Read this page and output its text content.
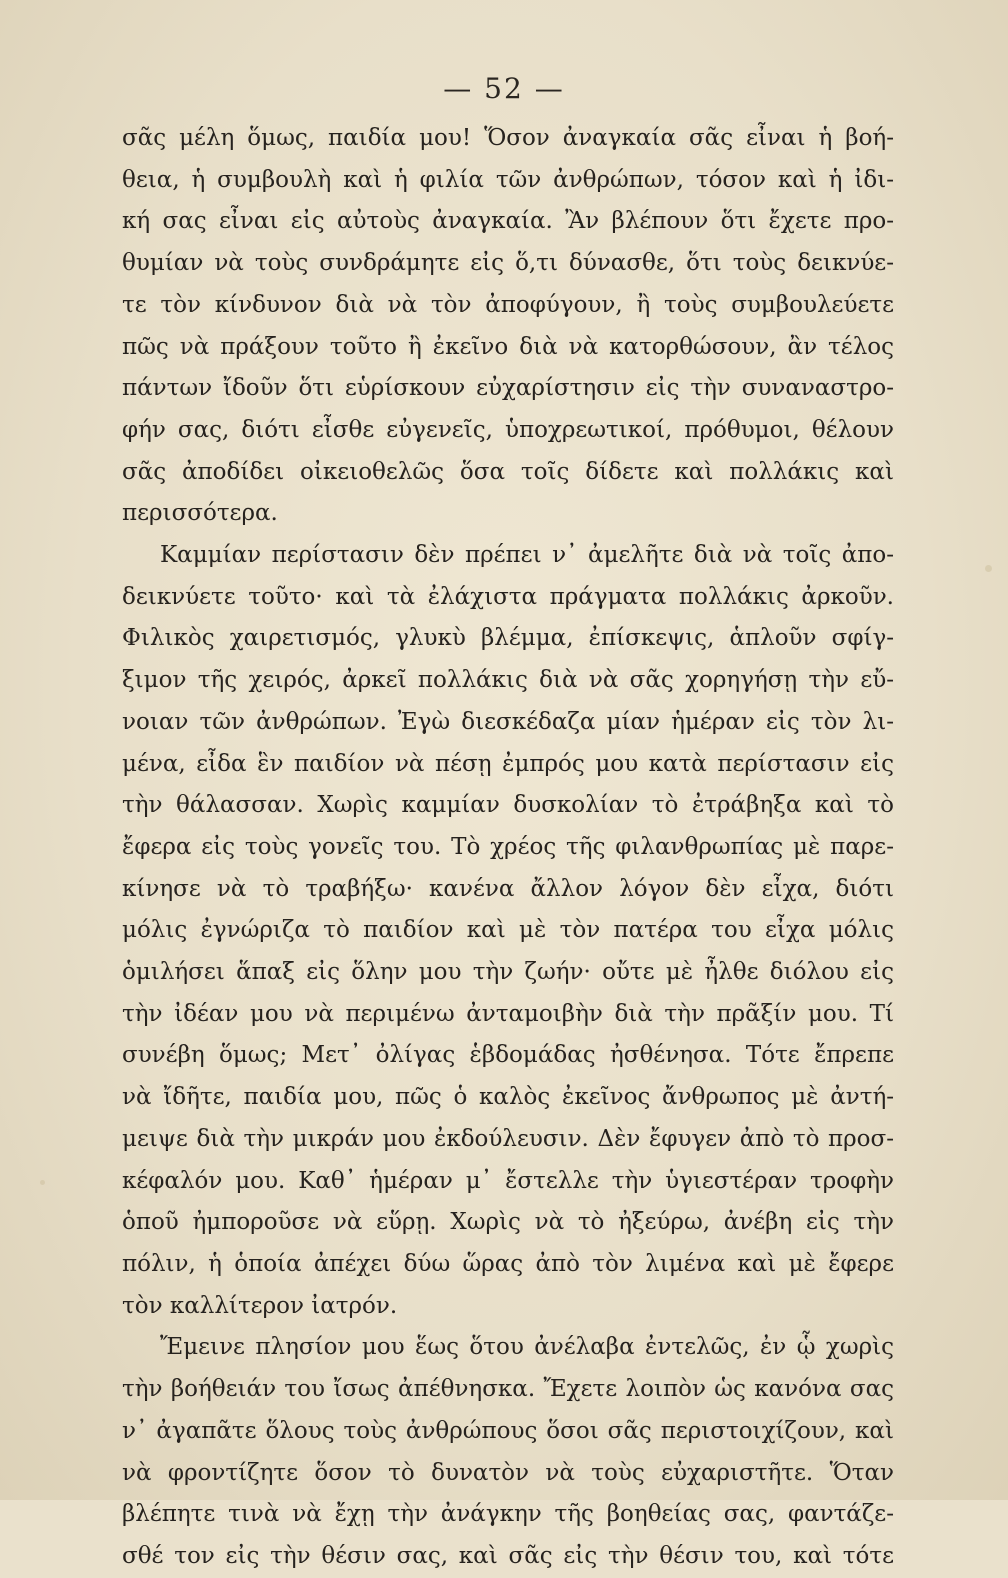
— 52 —
σᾶς μέλη ὅμως, παιδία μου! Ὅσον ἀναγκαία σᾶς εἶναι ἡ βοή-
θεια, ἡ συμβουλὴ καὶ ἡ φιλία τῶν ἀνθρώπων, τόσον καὶ ἡ ἰδι-
κή σας εἶναι εἰς αὐτοὺς ἀναγκαία. Ἂν βλέπουν ὅτι ἔχετε προ-
θυμίαν νὰ τοὺς συνδράμητε εἰς ὅ,τι δύνασθε, ὅτι τοὺς δεικνύε-
τε τὸν κίνδυνον διὰ νὰ τὸν ἀποφύγουν, ἢ τοὺς συμβουλεύετε
πῶς νὰ πράξουν τοῦτο ἢ ἐκεῖνο διὰ νὰ κατορθώσουν, ἂν τέλος
πάντων ἴδοῦν ὅτι εὑρίσκουν εὐχαρίστησιν εἰς τὴν συναναστρο-
φήν σας, διότι εἶσθε εὐγενεῖς, ὑποχρεωτικοί, πρόθυμοι, θέλουν
σᾶς ἀποδίδει οἰκειοθελῶς ὅσα τοῖς δίδετε καὶ πολλάκις καὶ
περισσότερα.
Καμμίαν περίστασιν δὲν πρέπει ν᾽ ἀμελῆτε διὰ νὰ τοῖς ἀπο-
δεικνύετε τοῦτο· καὶ τὰ ἐλάχιστα πράγματα πολλάκις ἀρκοῦν.
Φιλικὸς χαιρετισμός, γλυκὺ βλέμμα, ἐπίσκεψις, ἁπλοῦν σφίγ-
ξιμον τῆς χειρός, ἀρκεῖ πολλάκις διὰ νὰ σᾶς χορηγήσῃ τὴν εὔ-
νοιαν τῶν ἀνθρώπων. Ἐγὼ διεσκέδαζα μίαν ἡμέραν εἰς τὸν λι-
μένα, εἶδα ἓν παιδίον νὰ πέσῃ ἐμπρός μου κατὰ περίστασιν εἰς
τὴν θάλασσαν. Χωρὶς καμμίαν δυσκολίαν τὸ ἐτράβηξα καὶ τὸ
ἔφερα εἰς τοὺς γονεῖς του. Τὸ χρέος τῆς φιλανθρωπίας μὲ παρε-
κίνησε νὰ τὸ τραβήξω· κανένα ἄλλον λόγον δὲν εἶχα, διότι
μόλις ἐγνώριζα τὸ παιδίον καὶ μὲ τὸν πατέρα του εἶχα μόλις
ὁμιλήσει ἅπαξ εἰς ὅλην μου τὴν ζωήν· οὔτε μὲ ἦλθε διόλου εἰς
τὴν ἰδέαν μου νὰ περιμένω ἀνταμοιβὴν διὰ τὴν πρᾶξίν μου. Τί
συνέβη ὅμως; Μετ᾽ ὀλίγας ἑβδομάδας ἠσθένησα. Τότε ἔπρεπε
νὰ ἴδῆτε, παιδία μου, πῶς ὁ καλὸς ἐκεῖνος ἄνθρωπος μὲ ἀντή-
μειψε διὰ τὴν μικράν μου ἐκδούλευσιν. Δὲν ἔφυγεν ἀπὸ τὸ προσ-
κέφαλόν μου. Καθ᾽ ἡμέραν μ᾽ ἔστελλε τὴν ὑγιεστέραν τροφὴν
ὁποῦ ἠμποροῦσε νὰ εὕρῃ. Χωρὶς νὰ τὸ ἠξεύρω, ἀνέβη εἰς τὴν
πόλιν, ἡ ὁποία ἀπέχει δύω ὥρας ἀπὸ τὸν λιμένα καὶ μὲ ἔφερε
τὸν καλλίτερον ἰατρόν.
Ἔμεινε πλησίον μου ἕως ὅτου ἀνέλαβα ἐντελῶς, ἐν ᾧ χωρὶς
τὴν βοήθειάν του ἴσως ἀπέθνησκα. Ἔχετε λοιπὸν ὡς κανόνα σας
ν᾽ ἀγαπᾶτε ὅλους τοὺς ἀνθρώπους ὅσοι σᾶς περιστοιχίζουν, καὶ
νὰ φροντίζητε ὅσον τὸ δυνατὸν νὰ τοὺς εὐχαριστῆτε. Ὅταν
βλέπητε τινὰ νὰ ἔχῃ τὴν ἀνάγκην τῆς βοηθείας σας, φαντάζε-
σθέ τον εἰς τὴν θέσιν σας, καὶ σᾶς εἰς τὴν θέσιν του, καὶ τότε
